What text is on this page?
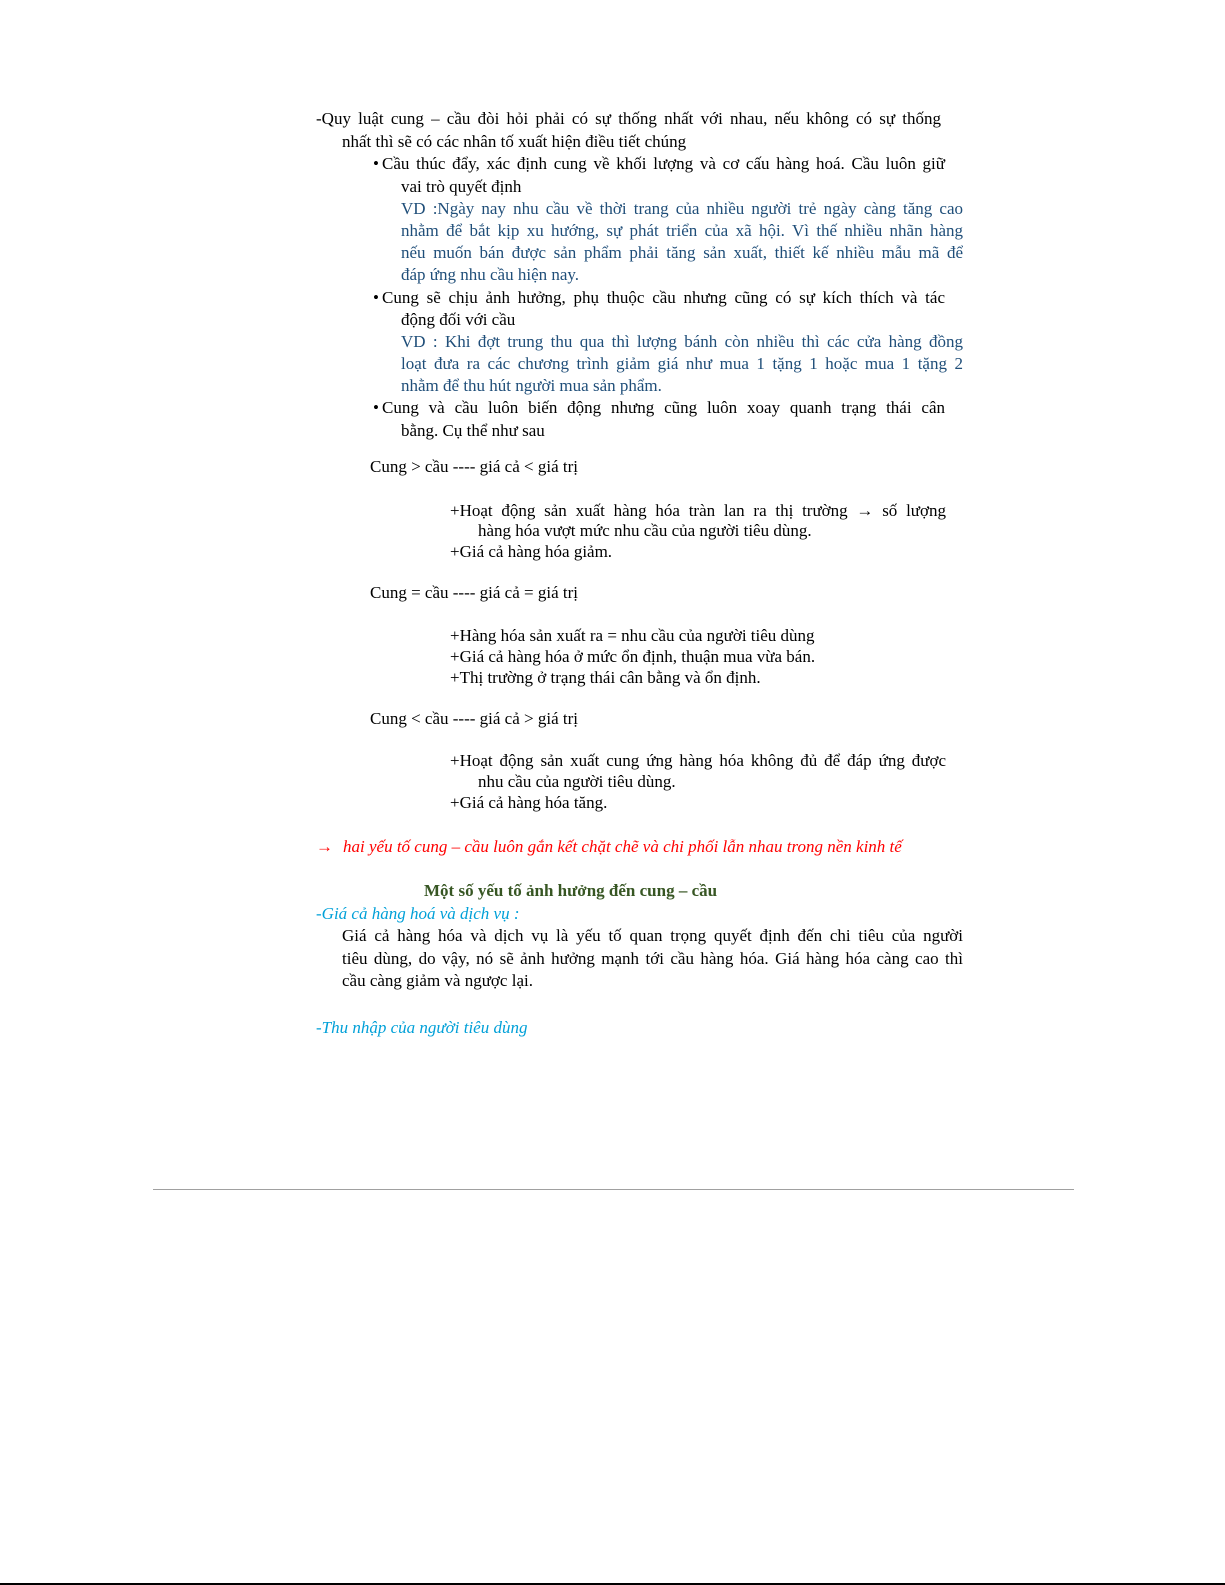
-Quy luật cung – cầu đòi hỏi phải có sự thống nhất với nhau, nếu không có sự thống

nhất thì sẽ có các nhân tố xuất hiện điều tiết chúng

• Cầu thúc đẩy, xác định cung về khối lượng và cơ cấu hàng hoá. Cầu luôn giữ

vai trò quyết định

VD :Ngày nay nhu cầu về thời trang của nhiều người trẻ ngày càng tăng cao

nhằm để bắt kịp xu hướng, sự phát triển của xã hội. Vì thế nhiều nhãn hàng

nếu muốn bán được sản phẩm phải tăng sản xuất, thiết kế nhiều mẫu mã để

đáp ứng nhu cầu hiện nay.

• Cung sẽ chịu ảnh hưởng, phụ thuộc cầu nhưng cũng có sự kích thích và tác

động đối với cầu

VD : Khi đợt trung thu qua thì lượng bánh còn nhiều thì các cửa hàng đồng

loạt đưa ra các chương trình giảm giá như mua 1 tặng 1 hoặc mua 1 tặng 2

nhằm để thu hút người mua sản phẩm.

• Cung và cầu luôn biến động nhưng cũng luôn xoay quanh trạng thái cân

bằng. Cụ thể như sau

Cung > cầu ---- giá cả < giá trị

+Hoạt động sản xuất hàng hóa tràn lan ra thị trường → số lượng

hàng hóa vượt mức nhu cầu của người tiêu dùng.

+Giá cả hàng hóa giảm.

Cung = cầu ---- giá cả = giá trị

+Hàng hóa sản xuất ra = nhu cầu của người tiêu dùng

+Giá cả hàng hóa ở mức ổn định, thuận mua vừa bán.

+Thị trường ở trạng thái cân bằng và ổn định.

Cung < cầu ---- giá cả > giá trị

+Hoạt động sản xuất cung ứng hàng hóa không đủ để đáp ứng được

nhu cầu của người tiêu dùng.

+Giá cả hàng hóa tăng.

→ hai yếu tố cung – cầu luôn gắn kết chặt chẽ và chi phối lẫn nhau trong nền kinh tế

Một số yếu tố ảnh hưởng đến cung – cầu

-Giá cả hàng hoá và dịch vụ :

Giá cả hàng hóa và dịch vụ là yếu tố quan trọng quyết định đến chi tiêu của người

tiêu dùng, do vậy, nó sẽ ảnh hưởng mạnh tới cầu hàng hóa. Giá hàng hóa càng cao thì

cầu càng giảm và ngược lại.

-Thu nhập của người tiêu dùng
